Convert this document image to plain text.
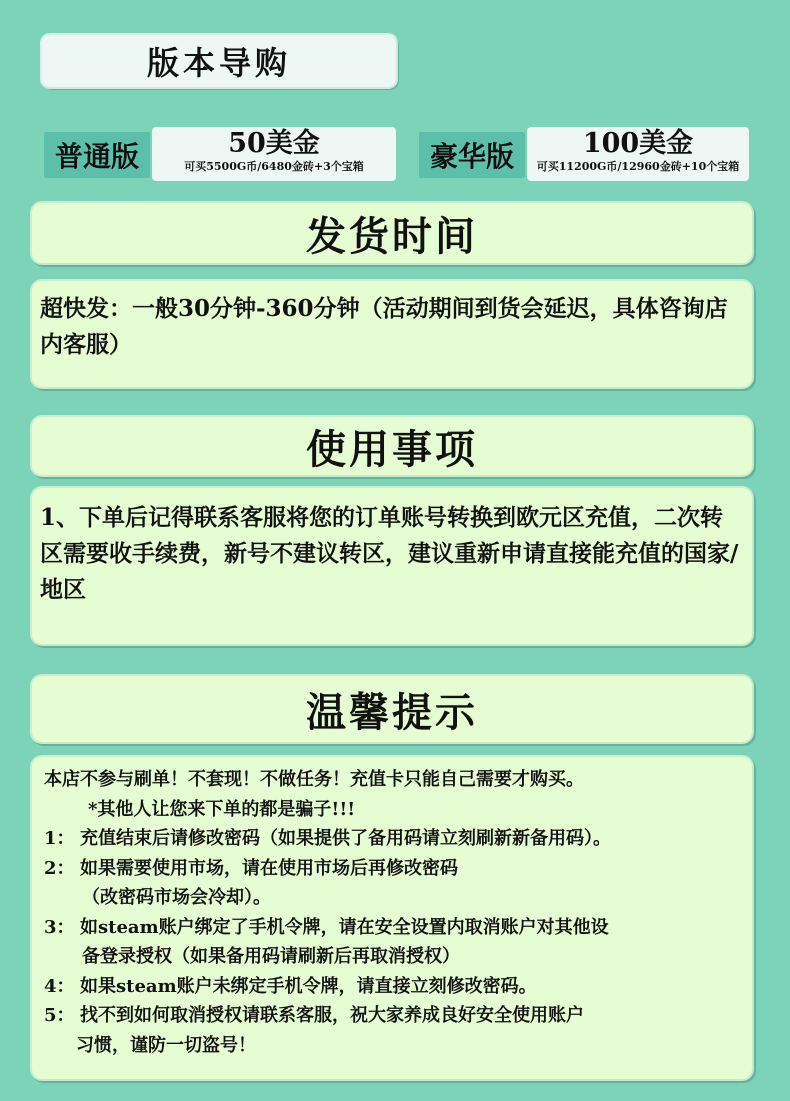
版本导购
普通版	50美金
可买5500G币/6480金砖+3个宝箱	豪华版	100美金
可买11200G币/12960金砖+10个宝箱
发货时间
超快发：一般30分钟-360分钟（活动期间到货会延迟，具体咨询店内客服）
使用事项
1、下单后记得联系客服将您的订单账号转换到欧元区充值，二次转区需要收手续费，新号不建议转区，建议重新申请直接能充值的国家/地区
温馨提示
本店不参与刷单！不套现！不做任务！充值卡只能自己需要才购买。
*其他人让您来下单的都是骗子!!!
1： 充值结束后请修改密码（如果提供了备用码请立刻刷新新备用码）。
2： 如果需要使用市场，请在使用市场后再修改密码
（改密码市场会冷却）。
3： 如steam账户绑定了手机令牌，请在安全设置内取消账户对其他设
备登录授权（如果备用码请刷新后再取消授权）
4： 如果steam账户未绑定手机令牌，请直接立刻修改密码。
5： 找不到如何取消授权请联系客服，祝大家养成良好安全使用账户
习惯，谨防一切盗号！
